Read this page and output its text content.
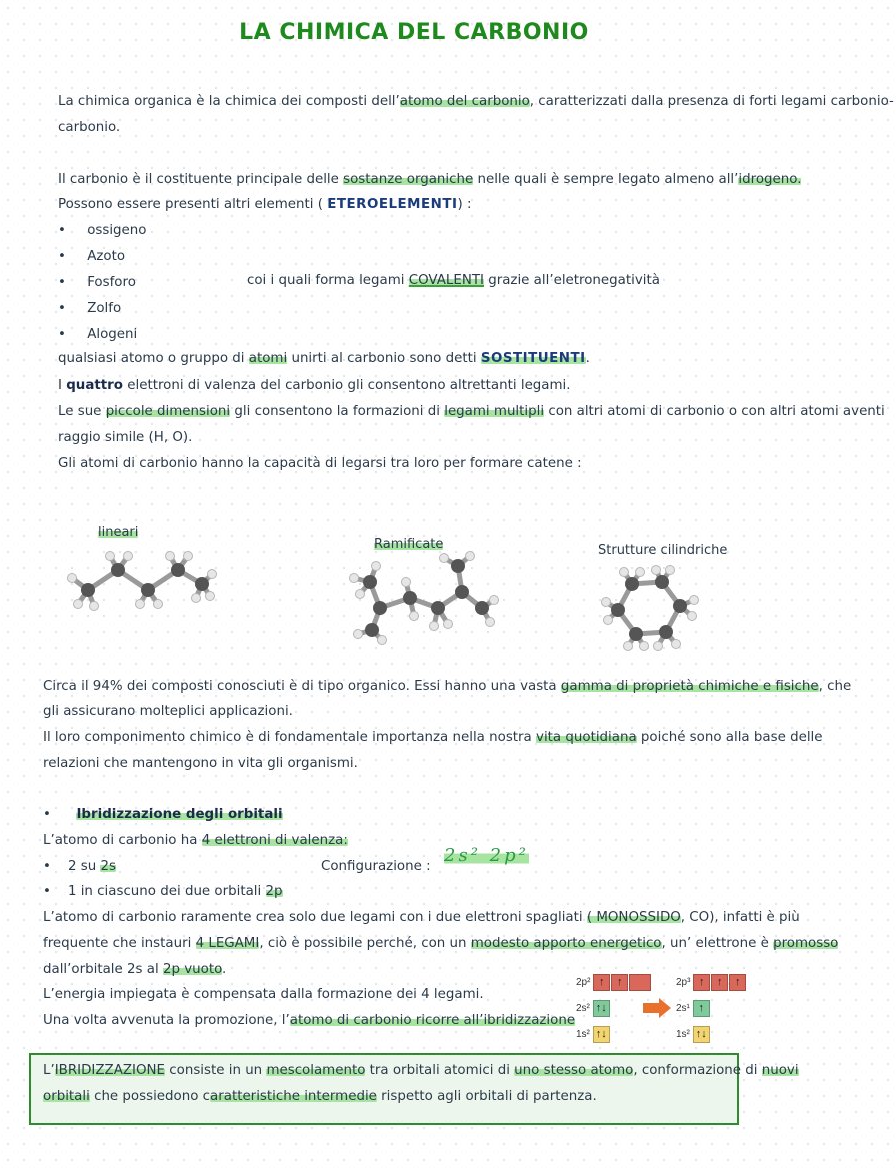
LA CHIMICA DEL CARBONIO
La chimica organica è la chimica dei composti dell’atomo del carbonio, caratterizzati dalla presenza di forti legami carbonio-
carbonio.
Il carbonio è il costituente principale delle sostanze organiche nelle quali è sempre legato almeno all’idrogeno.
Possono essere presenti altri elementi ( ETEROELEMENTI) :
•     ossigeno
•     Azoto
•     Fosforo
•     Zolfo
•     Alogeni
coi i quali forma legami COVALENTI grazie all’eletronegatività
qualsiasi atomo o gruppo di atomi unirti al carbonio sono detti SOSTITUENTI.
I quattro elettroni di valenza del carbonio gli consentono altrettanti legami.
Le sue piccole dimensioni gli consentono la formazioni di legami multipli con altri atomi di carbonio o con altri atomi aventi
raggio simile (H, O).
Gli atomi di carbonio hanno la capacità di legarsi tra loro per formare catene :
lineari
Ramificate	Strutture cilindriche
Circa il 94% dei composti conosciuti è di tipo organico. Essi hanno una vasta gamma di proprietà chimiche e fisiche, che
gli assicurano molteplici applicazioni.
Il loro componimento chimico è di fondamentale importanza nella nostra vita quotidiana poiché sono alla base delle
relazioni che mantengono in vita gli organismi.
•      Ibridizzazione degli orbitali
L’atomo di carbonio ha 4 elettroni di valenza:
•    2 su 2s	Configurazione :
2s² 2p²
•    1 in ciascuno dei due orbitali 2p
L’atomo di carbonio raramente crea solo due legami con i due elettroni spagliati ( MONOSSIDO, CO), infatti è più
frequente che instauri 4 LEGAMI, ciò è possibile perché, con un modesto apporto energetico, un’ elettrone è promosso
dall’orbitale 2s al 2p vuoto.
L’energia impiegata è compensata dalla formazione dei 4 legami.
Una volta avvenuta la promozione, l’atomo di carbonio ricorre all’ibridizzazione
2p² ↑ ↑
2s² ↑↓
1s² ↑↓
2p³ ↑ ↑ ↑
2s¹ ↑
1s² ↑↓
L’IBRIDIZZAZIONE consiste in un mescolamento tra orbitali atomici di uno stesso atomo, conformazione di nuovi
orbitali che possiedono caratteristiche intermedie rispetto agli orbitali di partenza.
